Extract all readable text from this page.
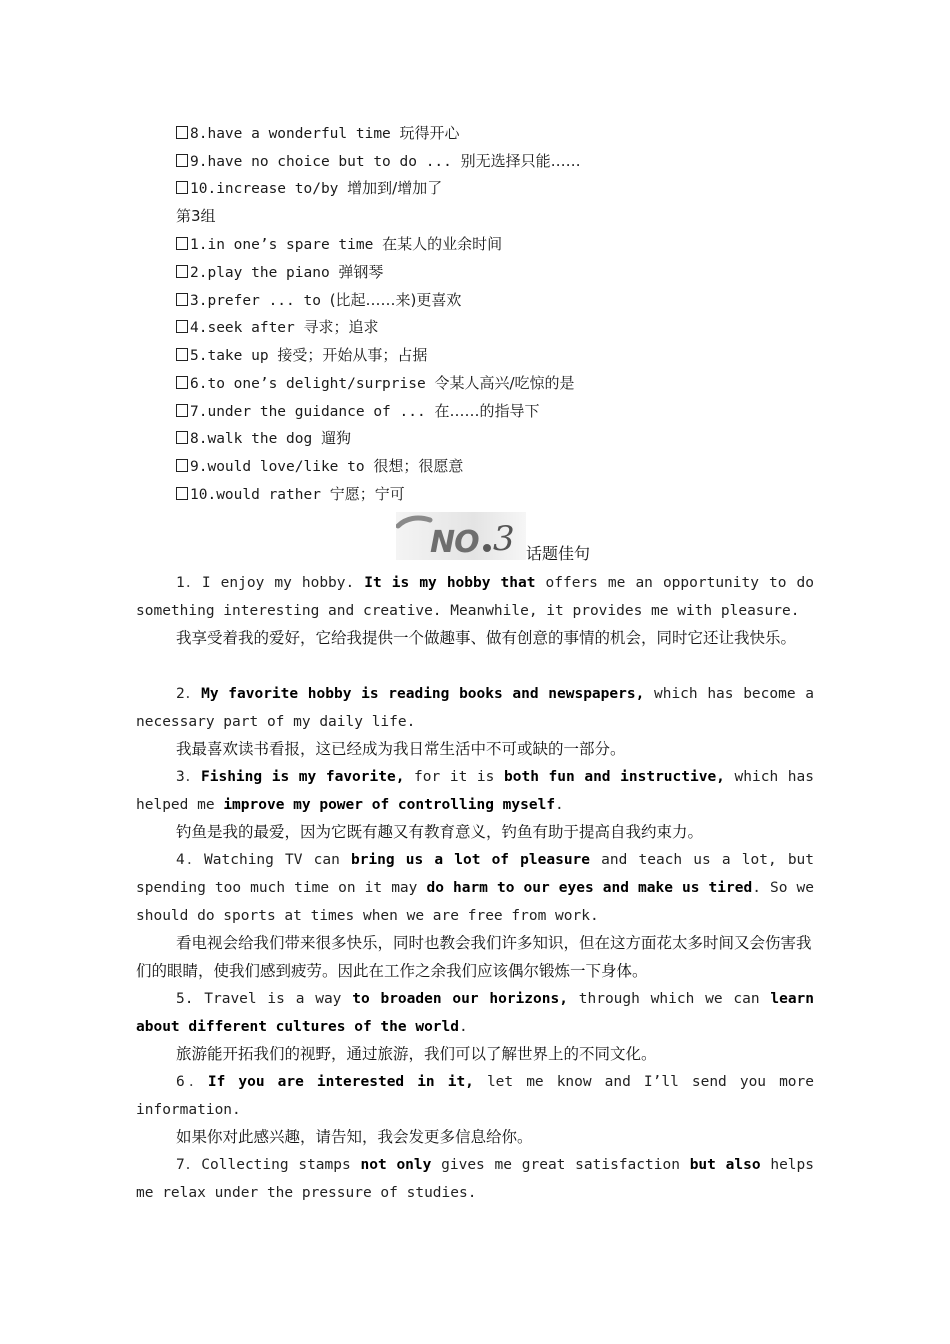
8.have a wonderful time 玩得开心
9.have no choice but to do ... 别无选择只能……
10.increase to/by 增加到/增加了
第3组
1.in one’s spare time 在某人的业余时间
2.play the piano 弹钢琴
3.prefer ... to (比起……来)更喜欢
4.seek after 寻求；追求
5.take up 接受；开始从事；占据
6.to one’s delight/surprise 令某人高兴/吃惊的是
7.under the guidance of ... 在……的指导下
8.walk the dog 遛狗
9.would love/like to 很想；很愿意
10.would rather 宁愿；宁可
NO 3 话题佳句

1．I enjoy my hobby. It is my hobby that offers me an opportunity to do something interesting and creative. Meanwhile, it provides me with pleasure.

我享受着我的爱好，它给我提供一个做趣事、做有创意的事情的机会，同时它还让我快乐。

2．My favorite hobby is reading books and newspapers, which has become a necessary part of my daily life.

我最喜欢读书看报，这已经成为我日常生活中不可或缺的一部分。

3．Fishing is my favorite, for it is both fun and instructive, which has helped me improve my power of controlling myself.

钓鱼是我的最爱，因为它既有趣又有教育意义，钓鱼有助于提高自我约束力。

4．Watching TV can bring us a lot of pleasure and teach us a lot, but spending too much time on it may do harm to our eyes and make us tired. So we should do sports at times when we are free from work.

看电视会给我们带来很多快乐，同时也教会我们许多知识，但在这方面花太多时间又会伤害我们的眼睛，使我们感到疲劳。因此在工作之余我们应该偶尔锻炼一下身体。

5. Travel is a way to broaden our horizons, through which we can learn about different cultures of the world.

旅游能开拓我们的视野，通过旅游，我们可以了解世界上的不同文化。

6．If you are interested in it, let me know and I’ll send you more information.

如果你对此感兴趣，请告知，我会发更多信息给你。

7．Collecting stamps not only gives me great satisfaction but also helps me relax under the pressure of studies.
